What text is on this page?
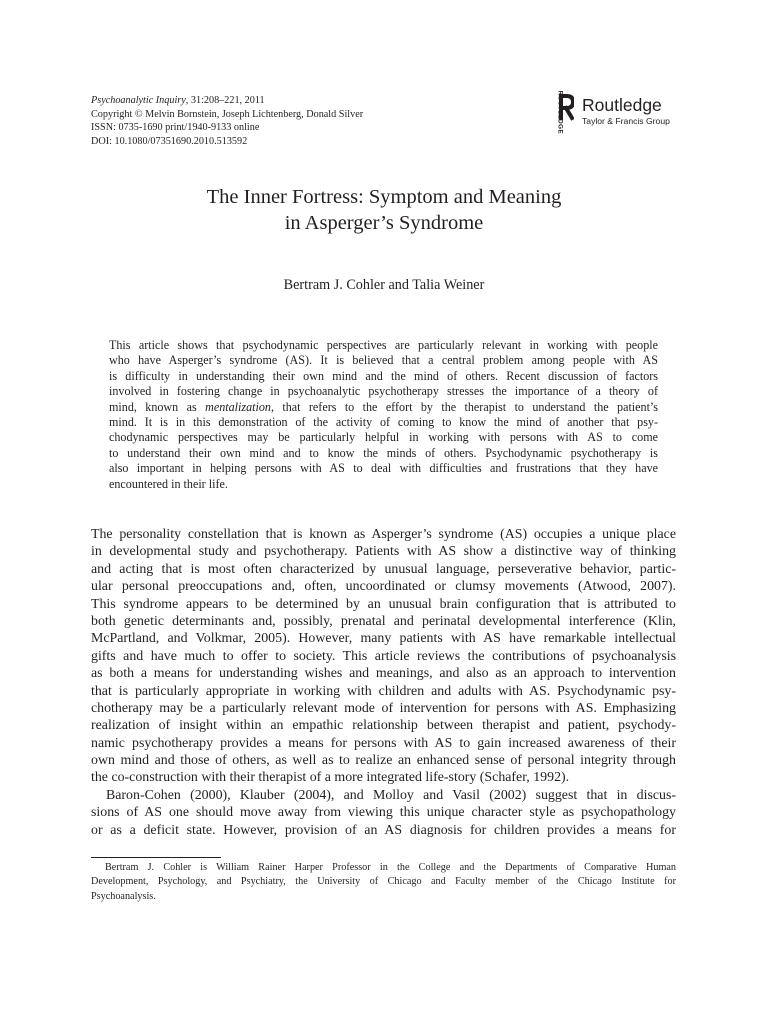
Psychoanalytic Inquiry, 31:208–221, 2011
Copyright © Melvin Bornstein, Joseph Lichtenberg, Donald Silver
ISSN: 0735-1690 print/1940-9133 online
DOI: 10.1080/07351690.2010.513592
ROUTLEDGE Routledge
Taylor & Francis Group
The Inner Fortress: Symptom and Meaning
in Asperger’s Syndrome
Bertram J. Cohler and Talia Weiner
This article shows that psychodynamic perspectives are particularly relevant in working with people
who have Asperger’s syndrome (AS). It is believed that a central problem among people with AS
is difficulty in understanding their own mind and the mind of others. Recent discussion of factors
involved in fostering change in psychoanalytic psychotherapy stresses the importance of a theory of
mind, known as mentalization, that refers to the effort by the therapist to understand the patient’s
mind. It is in this demonstration of the activity of coming to know the mind of another that psy-
chodynamic perspectives may be particularly helpful in working with persons with AS to come
to understand their own mind and to know the minds of others. Psychodynamic psychotherapy is
also important in helping persons with AS to deal with difficulties and frustrations that they have
encountered in their life.
The personality constellation that is known as Asperger’s syndrome (AS) occupies a unique place
in developmental study and psychotherapy. Patients with AS show a distinctive way of thinking
and acting that is most often characterized by unusual language, perseverative behavior, partic-
ular personal preoccupations and, often, uncoordinated or clumsy movements (Atwood, 2007).
This syndrome appears to be determined by an unusual brain configuration that is attributed to
both genetic determinants and, possibly, prenatal and perinatal developmental interference (Klin,
McPartland, and Volkmar, 2005). However, many patients with AS have remarkable intellectual
gifts and have much to offer to society. This article reviews the contributions of psychoanalysis
as both a means for understanding wishes and meanings, and also as an approach to intervention
that is particularly appropriate in working with children and adults with AS. Psychodynamic psy-
chotherapy may be a particularly relevant mode of intervention for persons with AS. Emphasizing
realization of insight within an empathic relationship between therapist and patient, psychody-
namic psychotherapy provides a means for persons with AS to gain increased awareness of their
own mind and those of others, as well as to realize an enhanced sense of personal integrity through
the co-construction with their therapist of a more integrated life-story (Schafer, 1992).
Baron-Cohen (2000), Klauber (2004), and Molloy and Vasil (2002) suggest that in discus-
sions of AS one should move away from viewing this unique character style as psychopathology
or as a deficit state. However, provision of an AS diagnosis for children provides a means for
Bertram J. Cohler is William Rainer Harper Professor in the College and the Departments of Comparative Human
Development, Psychology, and Psychiatry, the University of Chicago and Faculty member of the Chicago Institute for
Psychoanalysis.
